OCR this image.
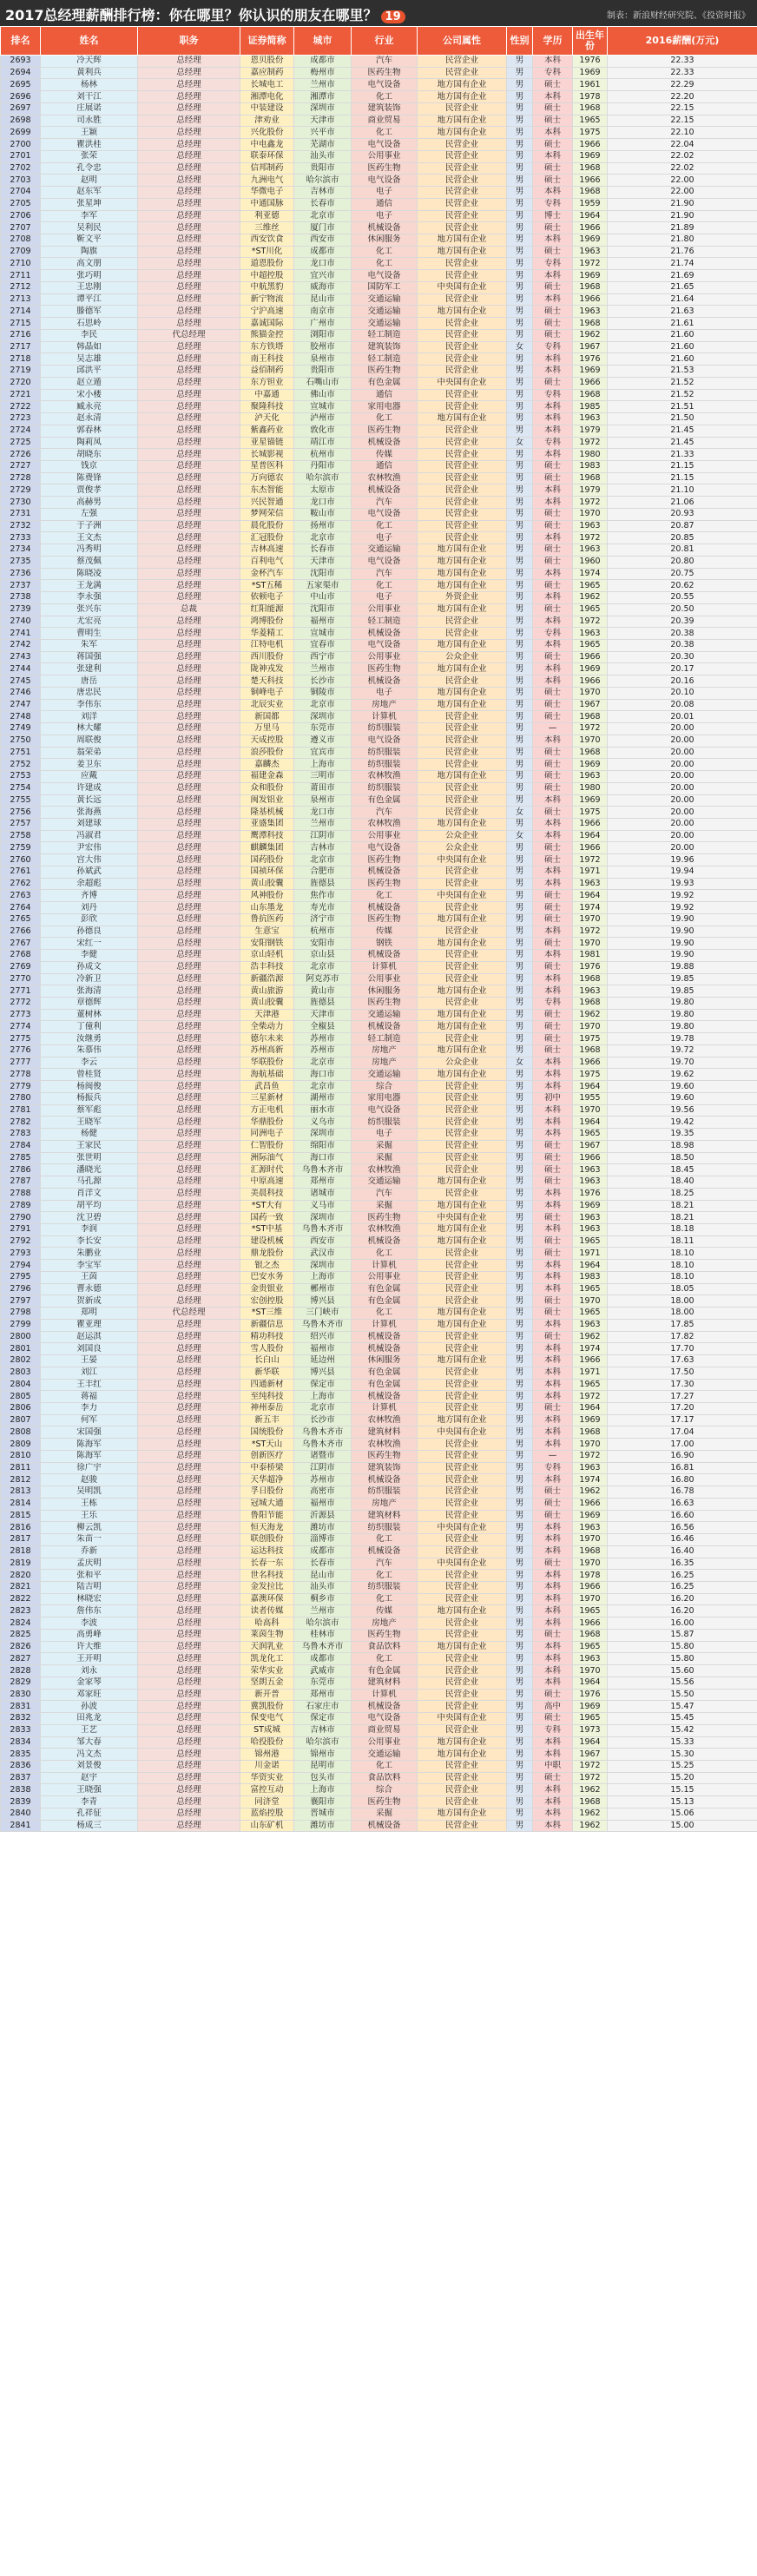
2017总经理薪酬排行榜：你在哪里？你认识的朋友在哪里？ 19	制表：新浪财经研究院、《投资时报》
排名	姓名	职务	证券简称	城市	行业	公司属性	性别	学历	出生年份	2016薪酬(万元)
2693	冷天辉	总经理	恩贝股份	成都市	汽车	民营企业	男	本科	1976	22.33
2694	黄利兵	总经理	嘉应制药	梅州市	医药生物	民营企业	男	专科	1969	22.33
2695	杨林	总经理	长城电工	兰州市	电气设备	地方国有企业	男	硕士	1961	22.29
2696	刘干江	总经理	湘潭电化	湘潭市	化工	地方国有企业	男	本科	1978	22.20
2697	庄展诺	总经理	中装建设	深圳市	建筑装饰	民营企业	男	硕士	1968	22.15
2698	司永胜	总经理	津劝业	天津市	商业贸易	地方国有企业	男	硕士	1965	22.15
2699	王颖	总经理	兴化股份	兴平市	化工	地方国有企业	男	本科	1975	22.10
2700	瞿洪桂	总经理	中电鑫龙	芜湖市	电气设备	民营企业	男	硕士	1966	22.04
2701	张荣	总经理	联泰环保	汕头市	公用事业	民营企业	男	本科	1969	22.02
2702	孔令忠	总经理	信邦制药	贵阳市	医药生物	民营企业	男	硕士	1968	22.02
2703	赵明	总经理	九洲电气	哈尔滨市	电气设备	民营企业	男	硕士	1966	22.00
2704	赵东军	总经理	华微电子	吉林市	电子	民营企业	男	本科	1968	22.00
2705	张星坤	总经理	中通国脉	长春市	通信	民营企业	男	专科	1959	21.90
2706	李军	总经理	利亚德	北京市	电子	民营企业	男	博士	1964	21.90
2707	吴利民	总经理	三维丝	厦门市	机械设备	民营企业	男	硕士	1966	21.89
2708	靳文平	总经理	西安饮食	西安市	休闲服务	地方国有企业	男	本科	1969	21.80
2709	陶旗	总经理	*ST川化	成都市	化工	地方国有企业	男	硕士	1963	21.76
2710	高文朋	总经理	道恩股份	龙口市	化工	民营企业	男	专科	1972	21.74
2711	张巧明	总经理	中超控股	宜兴市	电气设备	民营企业	男	本科	1969	21.69
2712	王忠刚	总经理	中航黑豹	威海市	国防军工	中央国有企业	男	硕士	1968	21.65
2713	谭平江	总经理	新宁物流	昆山市	交通运输	民营企业	男	本科	1966	21.64
2714	滕德军	总经理	宁沪高速	南京市	交通运输	地方国有企业	男	硕士	1963	21.63
2715	石思岭	总经理	嘉诚国际	广州市	交通运输	民营企业	男	硕士	1968	21.61
2716	李民	代总经理	熊猫金控	浏阳市	轻工制造	民营企业	男	硕士	1962	21.60
2717	韩晶如	总经理	东方铁塔	胶州市	建筑装饰	民营企业	女	专科	1967	21.60
2718	吴志雄	总经理	南王科技	泉州市	轻工制造	民营企业	男	本科	1976	21.60
2719	邱洪平	总经理	益佰制药	贵阳市	医药生物	民营企业	男	本科	1969	21.53
2720	赵立遁	总经理	东方钽业	石嘴山市	有色金属	中央国有企业	男	硕士	1966	21.52
2721	宋小楼	总经理	中嘉通	佛山市	通信	民营企业	男	专科	1968	21.52
2722	臧永亮	总经理	聚隆科技	宣城市	家用电器	民营企业	男	本科	1985	21.51
2723	赵永清	总经理	泸天化	泸州市	化工	地方国有企业	男	本科	1963	21.50
2724	郭春林	总经理	紫鑫药业	敦化市	医药生物	民营企业	男	本科	1979	21.45
2725	陶莉凤	总经理	亚星锚链	靖江市	机械设备	民营企业	女	专科	1972	21.45
2726	胡晓东	总经理	长城影视	杭州市	传媒	民营企业	男	本科	1980	21.33
2727	钱京	总经理	星普医科	丹阳市	通信	民营企业	男	硕士	1983	21.15
2728	陈费锋	总经理	万向德农	哈尔滨市	农林牧渔	民营企业	男	硕士	1968	21.15
2729	贾俊孝	总经理	东杰智能	太原市	机械设备	民营企业	男	本科	1979	21.10
2730	高赫男	总经理	兴民智通	龙口市	汽车	民营企业	男	本科	1972	21.06
2731	左强	总经理	梦网荣信	鞍山市	电气设备	民营企业	男	硕士	1970	20.93
2732	于子洲	总经理	晨化股份	扬州市	化工	民营企业	男	硕士	1963	20.87
2733	王文杰	总经理	汇冠股份	北京市	电子	民营企业	男	本科	1972	20.85
2734	冯秀明	总经理	吉林高速	长春市	交通运输	地方国有企业	男	硕士	1963	20.81
2735	蔡茂佩	总经理	百利电气	天津市	电气设备	地方国有企业	男	硕士	1960	20.80
2736	陈晓凌	总经理	金杯汽车	沈阳市	汽车	地方国有企业	男	本科	1974	20.75
2737	王龙满	总经理	*ST五稀	五家渠市	化工	地方国有企业	男	硕士	1965	20.62
2738	李永强	总经理	依顿电子	中山市	电子	外资企业	男	本科	1962	20.55
2739	张兴东	总裁	红阳能源	沈阳市	公用事业	地方国有企业	男	硕士	1965	20.50
2740	尤宏亮	总经理	鸿博股份	福州市	轻工制造	民营企业	男	本科	1972	20.39
2741	曹明生	总经理	华菱精工	宣城市	机械设备	民营企业	男	专科	1963	20.38
2742	朱军	总经理	江特电机	宜春市	电气设备	地方国有企业	男	本科	1965	20.38
2743	蒋国强	总经理	西川股份	西宁市	公用事业	公众企业	男	硕士	1966	20.30
2744	张建利	总经理	陇神戎发	兰州市	医药生物	地方国有企业	男	本科	1969	20.17
2745	唐岳	总经理	楚天科技	长沙市	机械设备	民营企业	男	本科	1966	20.16
2746	唐忠民	总经理	铜峰电子	铜陵市	电子	地方国有企业	男	硕士	1970	20.10
2747	李伟东	总经理	北辰实业	北京市	房地产	地方国有企业	男	硕士	1967	20.08
2748	刘洋	总经理	新国都	深圳市	计算机	民营企业	男	硕士	1968	20.01
2749	林大耀	总经理	万里马	东莞市	纺织服装	民营企业	男	—	1972	20.00
2750	周联俊	总经理	天成控股	遵义市	电气设备	民营企业	男	本科	1970	20.00
2751	翁荣弟	总经理	浪莎股份	宜宾市	纺织服装	民营企业	男	硕士	1968	20.00
2752	姜卫东	总经理	嘉麟杰	上海市	纺织服装	民营企业	男	硕士	1969	20.00
2753	应戴	总经理	福建金森	三明市	农林牧渔	地方国有企业	男	硕士	1963	20.00
2754	许建成	总经理	众和股份	莆田市	纺织服装	民营企业	男	硕士	1980	20.00
2755	黄长远	总经理	闽发铝业	泉州市	有色金属	民营企业	男	本科	1969	20.00
2756	张海燕	总经理	隆基机械	龙口市	汽车	民营企业	女	硕士	1975	20.00
2757	刘建球	总经理	亚盛集团	兰州市	农林牧渔	地方国有企业	男	本科	1966	20.00
2758	冯淑君	总经理	鹰潭科技	江阴市	公用事业	公众企业	女	本科	1964	20.00
2759	尹宏伟	总经理	麒麟集团	吉林市	电气设备	公众企业	男	硕士	1966	20.00
2760	宫大伟	总经理	国药股份	北京市	医药生物	中央国有企业	男	硕士	1972	19.96
2761	孙斌武	总经理	国祯环保	合肥市	机械设备	民营企业	男	本科	1971	19.94
2762	余超彪	总经理	黄山胶囊	旌德县	医药生物	民营企业	男	本科	1963	19.93
2763	齐博	总经理	风神股份	焦作市	化工	中央国有企业	男	硕士	1964	19.92
2764	刘丹	总经理	山东墨龙	寿光市	机械设备	民营企业	男	硕士	1974	19.92
2765	彭欣	总经理	鲁抗医药	济宁市	医药生物	地方国有企业	男	硕士	1970	19.90
2766	孙德良	总经理	生意宝	杭州市	传媒	民营企业	男	本科	1972	19.90
2767	宋红一	总经理	安阳钢铁	安阳市	钢铁	地方国有企业	男	硕士	1970	19.90
2768	李健	总经理	京山轻机	京山县	机械设备	民营企业	男	本科	1981	19.90
2769	孙成文	总经理	浩丰科技	北京市	计算机	民营企业	男	硕士	1976	19.88
2770	冷新卫	总经理	新疆浩源	阿克苏市	公用事业	民营企业	男	本科	1968	19.85
2771	张海清	总经理	黄山旅游	黄山市	休闲服务	地方国有企业	男	本科	1963	19.85
2772	章德辉	总经理	黄山胶囊	旌德县	医药生物	民营企业	男	专科	1968	19.80
2773	董树林	总经理	天津港	天津市	交通运输	地方国有企业	男	硕士	1962	19.80
2774	丁僮利	总经理	全柴动力	全椒县	机械设备	地方国有企业	男	硕士	1970	19.80
2775	汝继勇	总经理	德尔未来	苏州市	轻工制造	民营企业	男	硕士	1975	19.78
2776	朱慕伟	总经理	苏州高新	苏州市	房地产	地方国有企业	男	硕士	1968	19.72
2777	李云	总经理	华联股份	北京市	房地产	公众企业	女	本科	1966	19.70
2778	曾桂贤	总经理	海航基础	海口市	交通运输	地方国有企业	男	本科	1975	19.62
2779	杨闽俊	总经理	武昌鱼	北京市	综合	民营企业	男	本科	1964	19.60
2780	杨振兵	总经理	三星新材	湖州市	家用电器	民营企业	男	初中	1955	19.60
2781	蔡军彪	总经理	方正电机	丽水市	电气设备	民营企业	男	本科	1970	19.56
2782	王晓军	总经理	华鼎股份	义乌市	纺织服装	民营企业	男	本科	1964	19.42
2783	杨健	总经理	同洲电子	深圳市	电子	民营企业	男	本科	1965	19.35
2784	王家民	总经理	仁智股份	绵阳市	采掘	民营企业	男	硕士	1967	18.98
2785	张世明	总经理	洲际油气	海口市	采掘	民营企业	男	硕士	1966	18.50
2786	潘晓光	总经理	汇源时代	乌鲁木齐市	农林牧渔	民营企业	男	硕士	1963	18.45
2787	马孔源	总经理	中原高速	郑州市	交通运输	地方国有企业	男	硕士	1963	18.40
2788	肖洋文	总经理	美晨科技	诸城市	汽车	民营企业	男	本科	1976	18.25
2789	胡平均	总经理	*ST大有	义马市	采掘	地方国有企业	男	本科	1969	18.21
2790	沈卫碧	总经理	国药一致	深圳市	医药生物	中央国有企业	男	硕士	1963	18.21
2791	李润	总经理	*ST中基	乌鲁木齐市	农林牧渔	地方国有企业	男	本科	1963	18.18
2792	李长安	总经理	建设机械	西安市	机械设备	地方国有企业	男	硕士	1965	18.11
2793	朱鹏业	总经理	鼎龙股份	武汉市	化工	民营企业	男	硕士	1971	18.10
2794	李宝军	总经理	银之杰	深圳市	计算机	民营企业	男	本科	1964	18.10
2795	王茵	总经理	巴安水务	上海市	公用事业	民营企业	男	本科	1983	18.10
2796	曹永德	总经理	金贵银业	郴州市	有色金属	民营企业	男	本科	1965	18.05
2797	贺新成	总经理	宏创控股	博兴县	有色金属	民营企业	男	硕士	1970	18.00
2798	郑明	代总经理	*ST三维	三门峡市	化工	地方国有企业	男	硕士	1965	18.00
2799	瞿亚理	总经理	新疆信息	乌鲁木齐市	计算机	地方国有企业	男	本科	1963	17.85
2800	赵运淇	总经理	精功科技	绍兴市	机械设备	民营企业	男	硕士	1962	17.82
2801	刘国良	总经理	雪人股份	福州市	机械设备	民营企业	男	本科	1974	17.70
2802	王晏	总经理	长白山	延边州	休闲服务	地方国有企业	男	本科	1966	17.63
2803	刘江	总经理	新华联	博兴县	有色金属	民营企业	男	本科	1971	17.50
2804	王丰红	总经理	四通新材	保定市	有色金属	民营企业	男	本科	1965	17.30
2805	蒋福	总经理	至纯科技	上海市	机械设备	民营企业	男	本科	1972	17.27
2806	李力	总经理	神州泰岳	北京市	计算机	民营企业	男	硕士	1964	17.20
2807	何军	总经理	新五丰	长沙市	农林牧渔	地方国有企业	男	本科	1969	17.17
2808	宋国强	总经理	国统股份	乌鲁木齐市	建筑材料	中央国有企业	男	本科	1968	17.04
2809	陈海军	总经理	*ST天山	乌鲁木齐市	农林牧渔	民营企业	男	本科	1970	17.00
2810	陈海军	总经理	创新医疗	诸暨市	医药生物	民营企业	男	—	1972	16.90
2811	徐广宇	总经理	中泰桥梁	江阴市	建筑装饰	民营企业	男	专科	1963	16.81
2812	赵骏	总经理	天华超净	苏州市	机械设备	民营企业	男	本科	1974	16.80
2813	吴明凯	总经理	孚日股份	高密市	纺织服装	民营企业	男	硕士	1962	16.78
2814	王栋	总经理	冠城大通	福州市	房地产	民营企业	男	硕士	1966	16.63
2815	王乐	总经理	鲁阳节能	沂源县	建筑材料	民营企业	男	硕士	1969	16.60
2816	柳云凯	总经理	恒天海龙	潍坊市	纺织服装	中央国有企业	男	本科	1963	16.56
2817	朱苗一	总经理	联创股份	淄博市	化工	民营企业	男	本科	1970	16.46
2818	乔新	总经理	运达科技	成都市	机械设备	民营企业	男	本科	1968	16.40
2819	孟庆明	总经理	长春一东	长春市	汽车	中央国有企业	男	硕士	1970	16.35
2820	张和平	总经理	世名科技	昆山市	化工	民营企业	男	本科	1978	16.25
2821	陆吉明	总经理	金发拉比	汕头市	纺织服装	民营企业	男	本科	1966	16.25
2822	林晓宏	总经理	嘉澳环保	桐乡市	化工	民营企业	男	本科	1970	16.20
2823	詹伟东	总经理	读者传媒	兰州市	传媒	地方国有企业	男	本科	1965	16.20
2824	李波	总经理	哈高科	哈尔滨市	房地产	民营企业	男	本科	1966	16.00
2825	高勇峰	总经理	莱茵生物	桂林市	医药生物	民营企业	男	硕士	1968	15.87
2826	许大维	总经理	天润乳业	乌鲁木齐市	食品饮料	地方国有企业	男	本科	1965	15.80
2827	王开明	总经理	凯龙化工	成都市	化工	民营企业	男	本科	1963	15.80
2828	刘永	总经理	荣华实业	武威市	有色金属	民营企业	男	本科	1970	15.60
2829	金家琴	总经理	坚朗五金	东莞市	建筑材料	民营企业	男	本科	1964	15.56
2830	邓家旺	总经理	新开普	郑州市	计算机	民营企业	男	硕士	1976	15.50
2831	孙波	总经理	冀凯股份	石家庄市	机械设备	民营企业	男	高中	1969	15.47
2832	田兆龙	总经理	保变电气	保定市	电气设备	中央国有企业	男	硕士	1965	15.45
2833	王艺	总经理	ST成城	吉林市	商业贸易	民营企业	男	专科	1973	15.42
2834	邹大春	总经理	哈投股份	哈尔滨市	公用事业	地方国有企业	男	本科	1964	15.33
2835	冯文杰	总经理	锦州港	锦州市	交通运输	地方国有企业	男	本科	1967	15.30
2836	刘景俊	总经理	川金诺	昆明市	化工	民营企业	男	中职	1972	15.25
2837	赵宇	总经理	华资实业	包头市	食品饮料	民营企业	男	硕士	1972	15.20
2838	王晓强	总经理	富控互动	上海市	综合	民营企业	男	本科	1962	15.15
2839	李青	总经理	同济堂	襄阳市	医药生物	民营企业	男	本科	1968	15.13
2840	孔祥征	总经理	蓝焰控股	晋城市	采掘	地方国有企业	男	本科	1962	15.06
2841	杨成三	总经理	山东矿机	潍坊市	机械设备	民营企业	男	本科	1962	15.00
